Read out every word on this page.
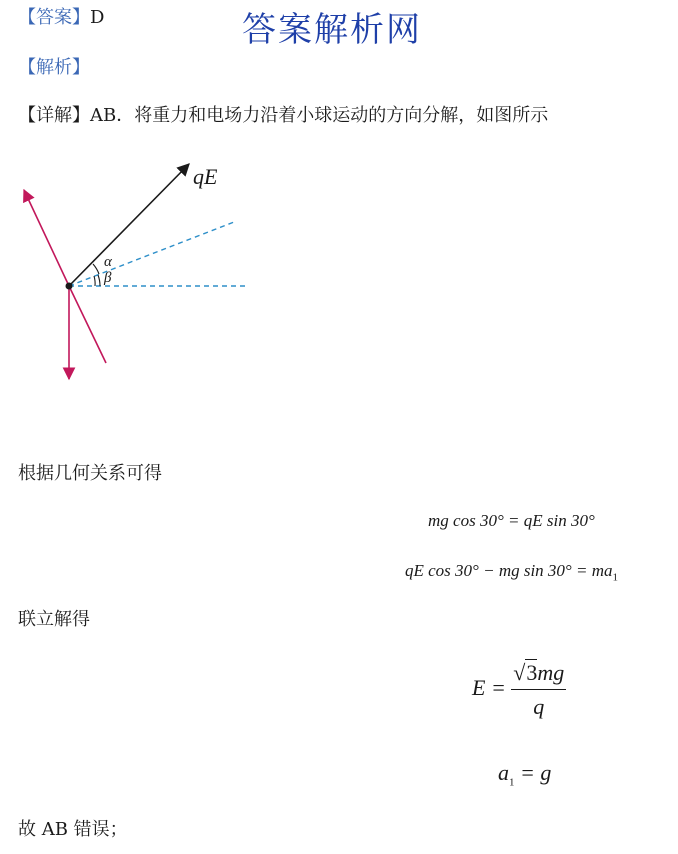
【答案】D	答案解析网
【解析】
【详解】AB．将重力和电场力沿着小球运动的方向分解，如图所示
α
β
qE
根据几何关系可得
mg cos 30° = qE sin 30°
qE cos 30° − mg $\sin 30^\circ = ma_1$
联立解得
$E = \frac{√3mg}{q}$
$a_1 = g$
故 AB 错误；
